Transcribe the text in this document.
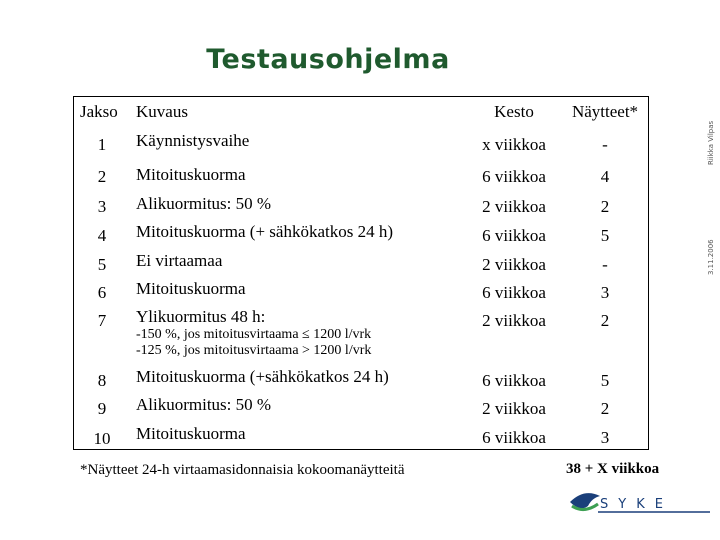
Testausohjelma
Jakso Kuvaus	Kesto	Näytteet*
1	Käynnistysvaihe	x viikkoa	-
2	Mitoituskuorma	6 viikkoa	4
3	Alikuormitus: 50 %	2 viikkoa	2
4	Mitoituskuorma (+ sähkökatkos 24 h)	6 viikkoa	5
5	Ei virtaamaa	2 viikkoa	-
6	Mitoituskuorma	6 viikkoa	3
7	Ylikuormitus 48 h:
-150 %, jos mitoitusvirtaama ≤ 1200 l/vrk
-125 %, jos mitoitusvirtaama > 1200 l/vrk
2 viikkoa	2
8	Mitoituskuorma (+sähkökatkos 24 h)	6 viikkoa	5
9	Alikuormitus: 50 %	2 viikkoa	2
10	Mitoituskuorma	6 viikkoa	3
*Näytteet 24-h virtaamasidonnaisia kokoomanäytteitä	38 + X viikkoa
Riikka Vilpas
3.11.2006
SYKE
